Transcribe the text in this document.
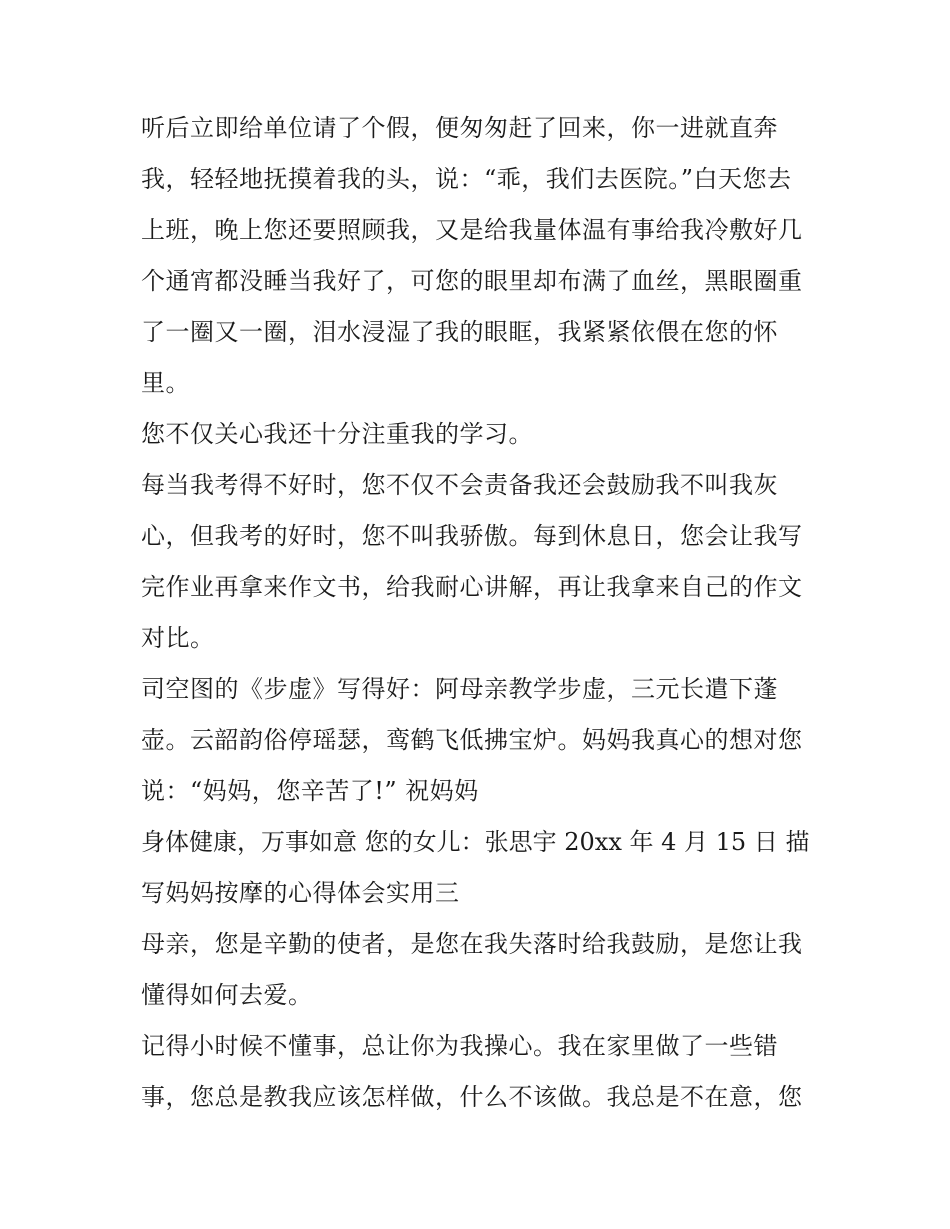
听后立即给单位请了个假，便匆匆赶了回来，你一进就直奔
我，轻轻地抚摸着我的头，说：“乖，我们去医院。”白天您去
上班，晚上您还要照顾我，又是给我量体温有事给我冷敷好几
个通宵都没睡当我好了，可您的眼里却布满了血丝，黑眼圈重
了一圈又一圈，泪水浸湿了我的眼眶，我紧紧依偎在您的怀
里。
您不仅关心我还十分注重我的学习。
每当我考得不好时，您不仅不会责备我还会鼓励我不叫我灰
心，但我考的好时，您不叫我骄傲。每到休息日，您会让我写
完作业再拿来作文书，给我耐心讲解，再让我拿来自己的作文
对比。
司空图的《步虚》写得好：阿母亲教学步虚，三元长遣下蓬
壶。云韶韵俗停瑶瑟，鸾鹤飞低拂宝炉。妈妈我真心的想对您
说：“妈妈，您辛苦了!” 祝妈妈
身体健康，万事如意 您的女儿：张思宇 20xx 年 4 月 15 日 描
写妈妈按摩的心得体会实用三
母亲，您是辛勤的使者，是您在我失落时给我鼓励，是您让我
懂得如何去爱。
记得小时候不懂事，总让你为我操心。我在家里做了一些错
事，您总是教我应该怎样做，什么不该做。我总是不在意，您
